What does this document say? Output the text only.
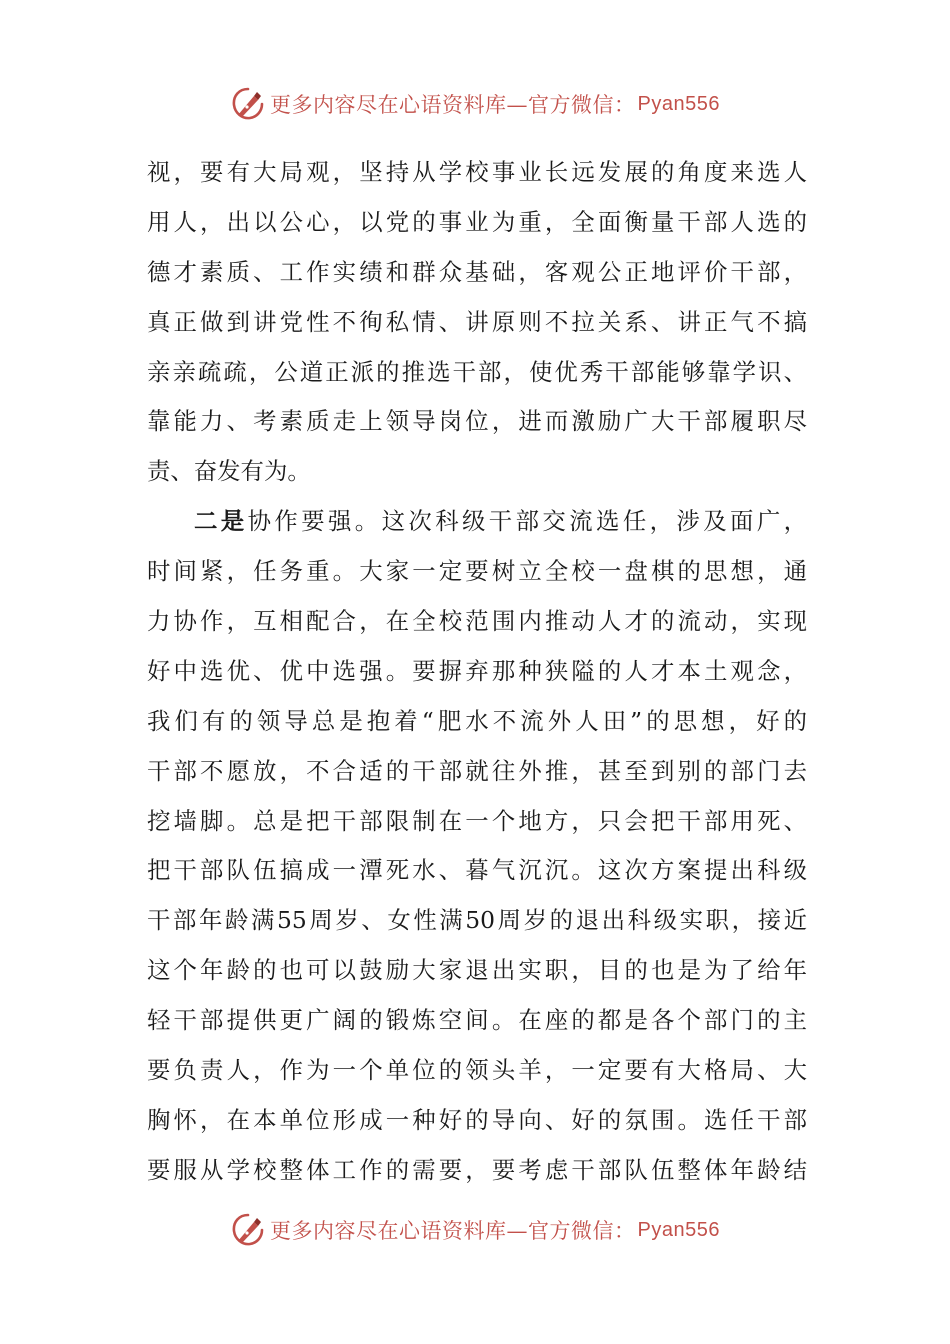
更多内容尽在心语资料库—官方微信： Pyan556

视，要有大局观，坚持从学校事业长远发展的角度来选人
用人，出以公心，以党的事业为重，全面衡量干部人选的
德才素质、工作实绩和群众基础，客观公正地评价干部，
真正做到讲党性不徇私情、讲原则不拉关系、讲正气不搞
亲亲疏疏，公道正派的推选干部，使优秀干部能够靠学识、
靠能力、考素质走上领导岗位，进而激励广大干部履职尽
责、奋发有为。

二是协作要强。这次科级干部交流选任，涉及面广，
时间紧，任务重。大家一定要树立全校一盘棋的思想，通
力协作，互相配合，在全校范围内推动人才的流动，实现
好中选优、优中选强。要摒弃那种狭隘的人才本土观念，
我们有的领导总是抱着“肥水不流外人田”的思想，好的
干部不愿放，不合适的干部就往外推，甚至到别的部门去
挖墙脚。总是把干部限制在一个地方，只会把干部用死、
把干部队伍搞成一潭死水、暮气沉沉。这次方案提出科级
干部年龄满55周岁、女性满50周岁的退出科级实职，接近
这个年龄的也可以鼓励大家退出实职，目的也是为了给年
轻干部提供更广阔的锻炼空间。在座的都是各个部门的主
要负责人，作为一个单位的领头羊，一定要有大格局、大
胸怀，在本单位形成一种好的导向、好的氛围。选任干部
要服从学校整体工作的需要，要考虑干部队伍整体年龄结

更多内容尽在心语资料库—官方微信： Pyan556
